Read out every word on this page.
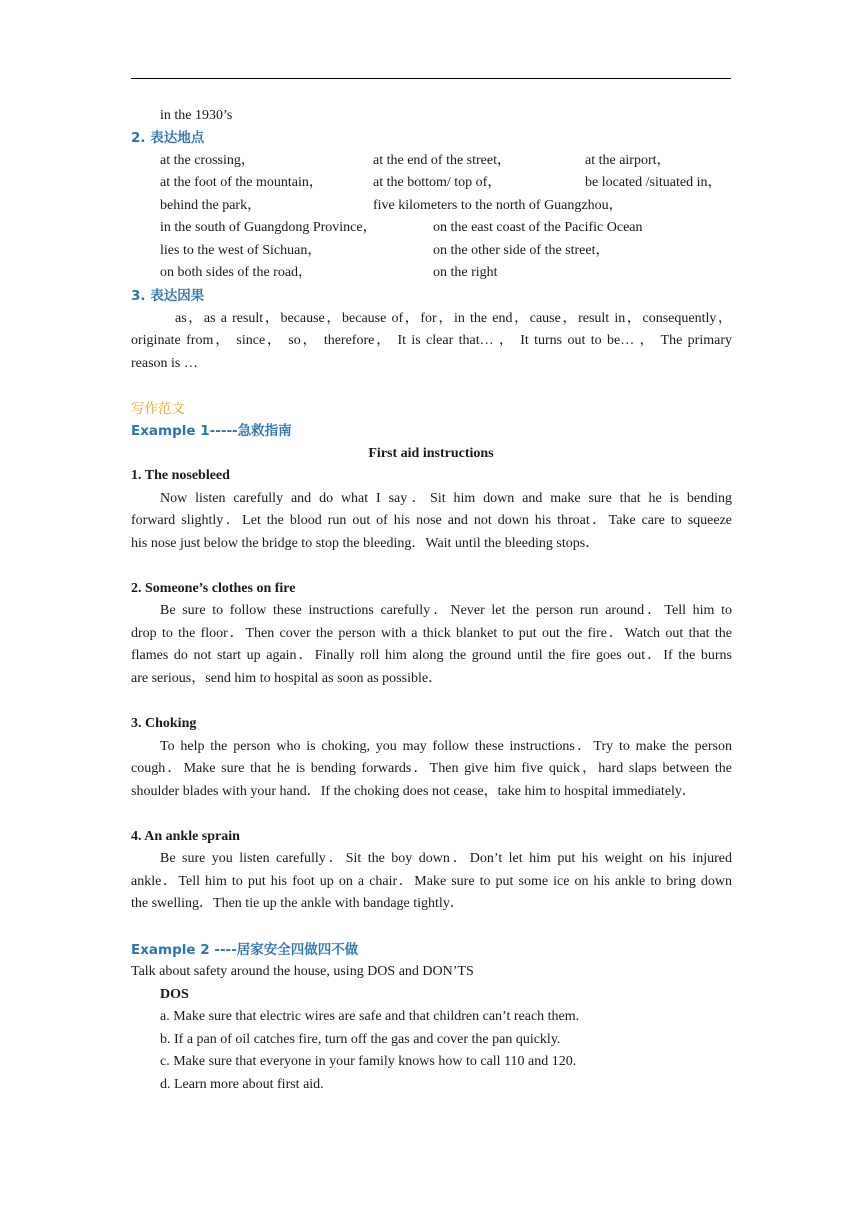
in the 1930’s
2. 表达地点
at the crossing，	at the end of the street，	at the airport，
at the foot of the mountain，	at the bottom/ top of，	be located /situated in，
behind the park，	five kilometers to the north of Guangzhou，
in the south of Guangdong Province，	on the east coast of the Pacific Ocean
lies to the west of Sichuan，	on the other side of the street，
on both sides of the road，	on the right
3. 表达因果
as，as a result，because，because of，for，in the end，cause，result in，consequently，
originate from， since， so， therefore， It is clear that… ， It turns out to be… ， The primary
reason is …
写作范文
Example 1-----急救指南
First aid instructions
1. The nosebleed
Now listen carefully and do what I say．Sit him down and make sure that he is bending
forward slightly．Let the blood run out of his nose and not down his throat．Take care to squeeze
his nose just below the bridge to stop the bleeding．Wait until the bleeding stops．
2. Someone’s clothes on fire
Be sure to follow these instructions carefully．Never let the person run around．Tell him to
drop to the floor．Then cover the person with a thick blanket to put out the fire．Watch out that the
flames do not start up again．Finally roll him along the ground until the fire goes out．If the burns
are serious，send him to hospital as soon as possible．
3. Choking
To help the person who is choking, you may follow these instructions．Try to make the person
cough．Make sure that he is bending forwards．Then give him five quick，hard slaps between the
shoulder blades with your hand．If the choking does not cease，take him to hospital immediately．
4. An ankle sprain
Be sure you listen carefully．Sit the boy down．Don’t let him put his weight on his injured
ankle．Tell him to put his foot up on a chair．Make sure to put some ice on his ankle to bring down
the swelling．Then tie up the ankle with bandage tightly．
Example 2 ----居家安全四做四不做
Talk about safety around the house, using DOS and DON’TS
DOS
a. Make sure that electric wires are safe and that children can’t reach them.
b. If a pan of oil catches fire, turn off the gas and cover the pan quickly.
c. Make sure that everyone in your family knows how to call 110 and 120.
d. Learn more about first aid.
